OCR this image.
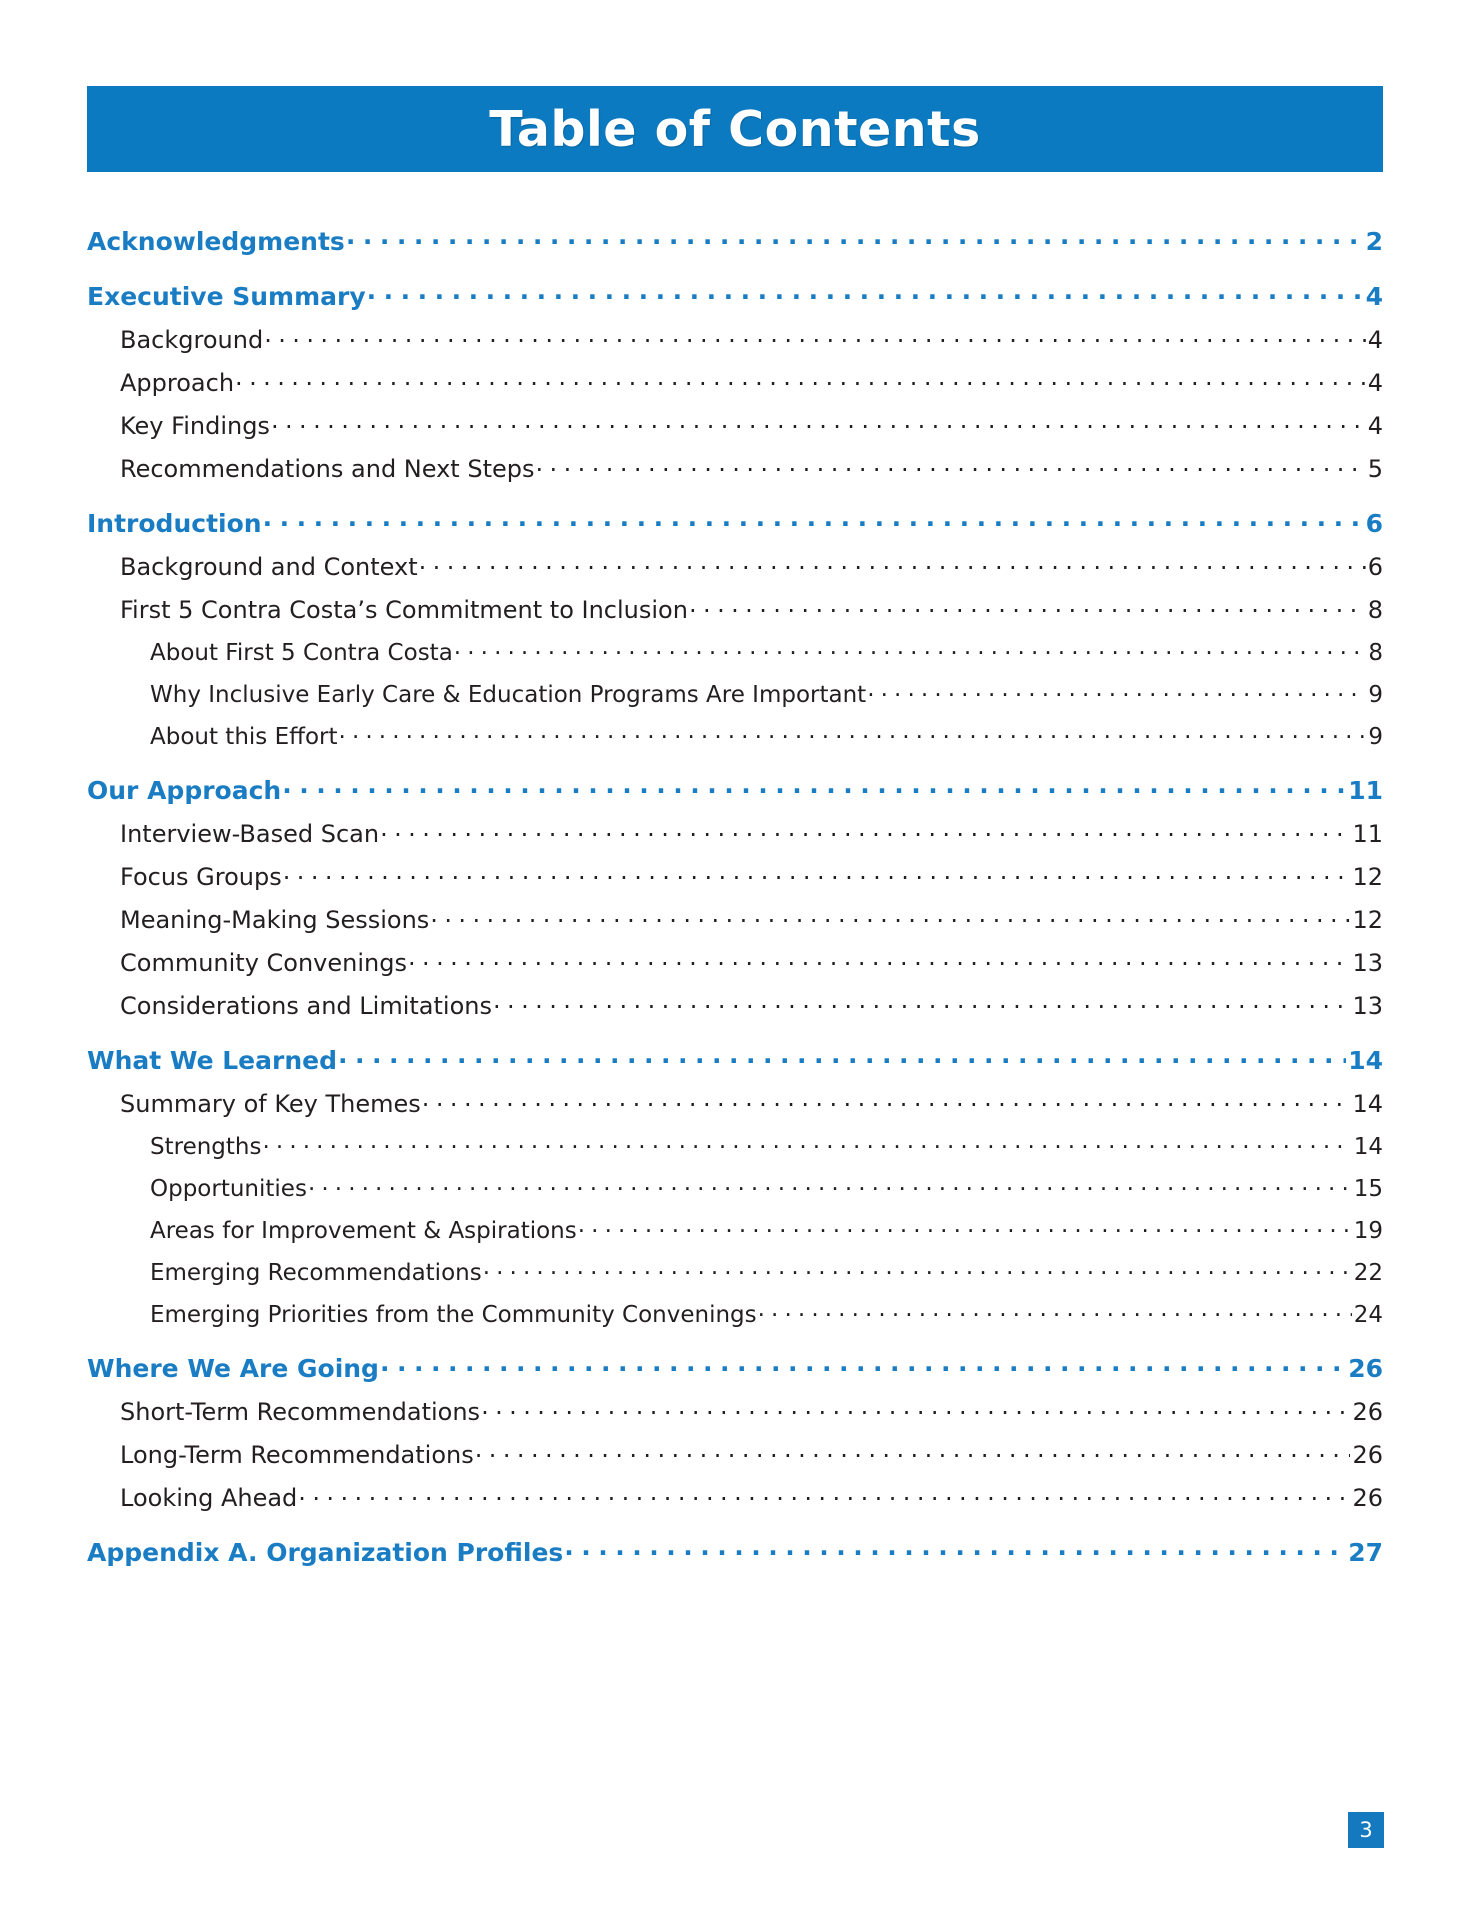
Table of Contents
Acknowledgments . . .	2
Executive Summary . . .	4
Background . . .	4
Approach . . .	4
Key Findings . . .	4
Recommendations and Next Steps . . .	5
Introduction . . .	6
Background and Context . . .	6
First 5 Contra Costa’s Commitment to Inclusion . . .	8
About First 5 Contra Costa . . .	8
Why Inclusive Early Care & Education Programs Are Important . . .	9
About this Effort . . .	9
Our Approach . . .	11
Interview-Based Scan . . .	11
Focus Groups . . .	12
Meaning-Making Sessions . . .	12
Community Convenings . . .	13
Considerations and Limitations . . .	13
What We Learned . . .	14
Summary of Key Themes . . .	14
Strengths . . .	14
Opportunities . . .	15
Areas for Improvement & Aspirations . . .	19
Emerging Recommendations . . .	22
Emerging Priorities from the Community Convenings . . .	24
Where We Are Going . . .	26
Short-Term Recommendations . . .	26
Long-Term Recommendations . . .	26
Looking Ahead . . .	26
Appendix A. Organization Profiles . . .	27
3
